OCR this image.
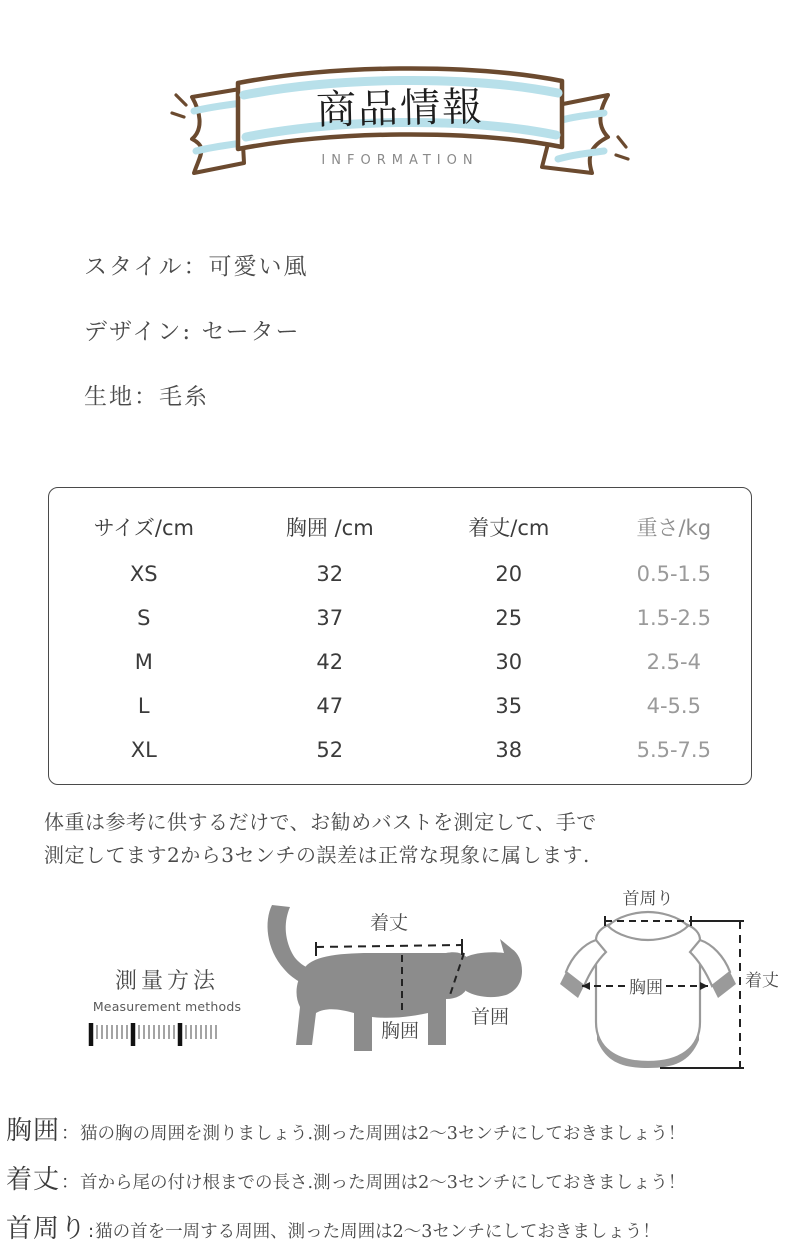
商品情報
INFORMATION
スタイル：可愛い風
デザイン: セーター
生地：毛糸
サイズ/cm	胸囲 /cm	着丈/cm	重さ/kg
XS	32	20	0.5-1.5
S	37	25	1.5-2.5
M	42	30	2.5-4
L	47	35	4-5.5
XL	52	38	5.5-7.5
体重は参考に供するだけで、お勧めバストを測定して、手で
測定してます2から3センチの誤差は正常な現象に属します.
測量方法
Measurement methods
着丈
胸囲
首囲
首周り
胸囲	着丈
胸囲 ： 猫の胸の周囲を測りましょう.測った周囲は2〜3センチにしておきましょう！
着丈 ： 首から尾の付け根までの長さ.測った周囲は2〜3センチにしておきましょう！
首周り : 猫の首を一周する周囲、測った周囲は2〜3センチにしておきましょう！
